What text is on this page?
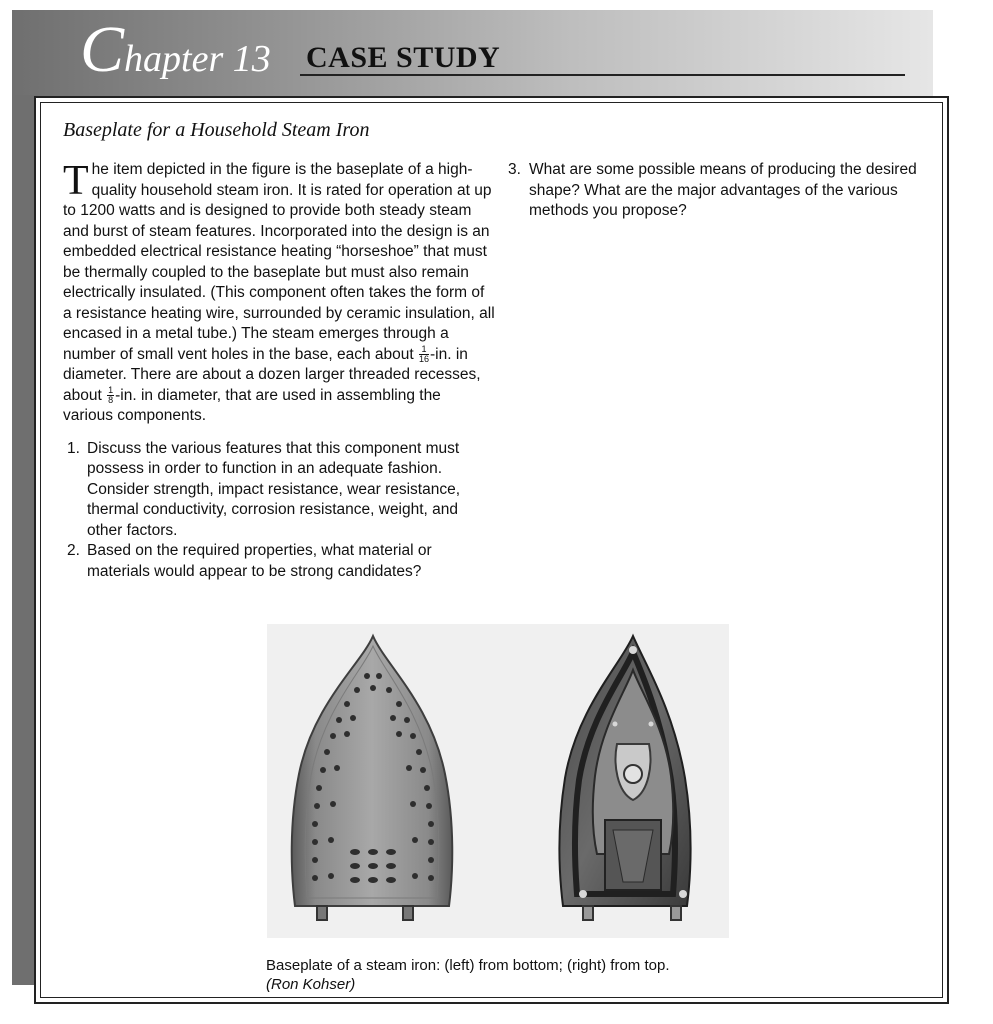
Chapter 13 CASE STUDY
Baseplate for a Household Steam Iron

The item depicted in the figure is the baseplate of a high-quality household steam iron. It is rated for operation at up to 1200 watts and is designed to provide both steady steam and burst of steam features. Incorporated into the design is an embedded electrical resistance heating “horseshoe” that must be thermally coupled to the baseplate but must also remain electrically insulated. (This component often takes the form of a resistance heating wire, surrounded by ceramic insulation, all encased in a metal tube.) The steam emerges through a number of small vent holes in the base, each about $\frac{1}{16} -in$. in diameter. There are about a dozen larger threaded recesses, about $\frac{1}{8} -in$. in diameter, that are used in assembling the various components.

1. Discuss the various features that this component must possess in order to function in an adequate fashion. Consider strength, impact resistance, wear resistance, thermal conductivity, corrosion resistance, weight, and other factors.
2. Based on the required properties, what material or materials would appear to be strong candidates?
3. What are some possible means of producing the desired shape? What are the major advantages of the various methods you propose?
Baseplate of a steam iron: (left) from bottom; (right) from top.
(Ron Kohser)
